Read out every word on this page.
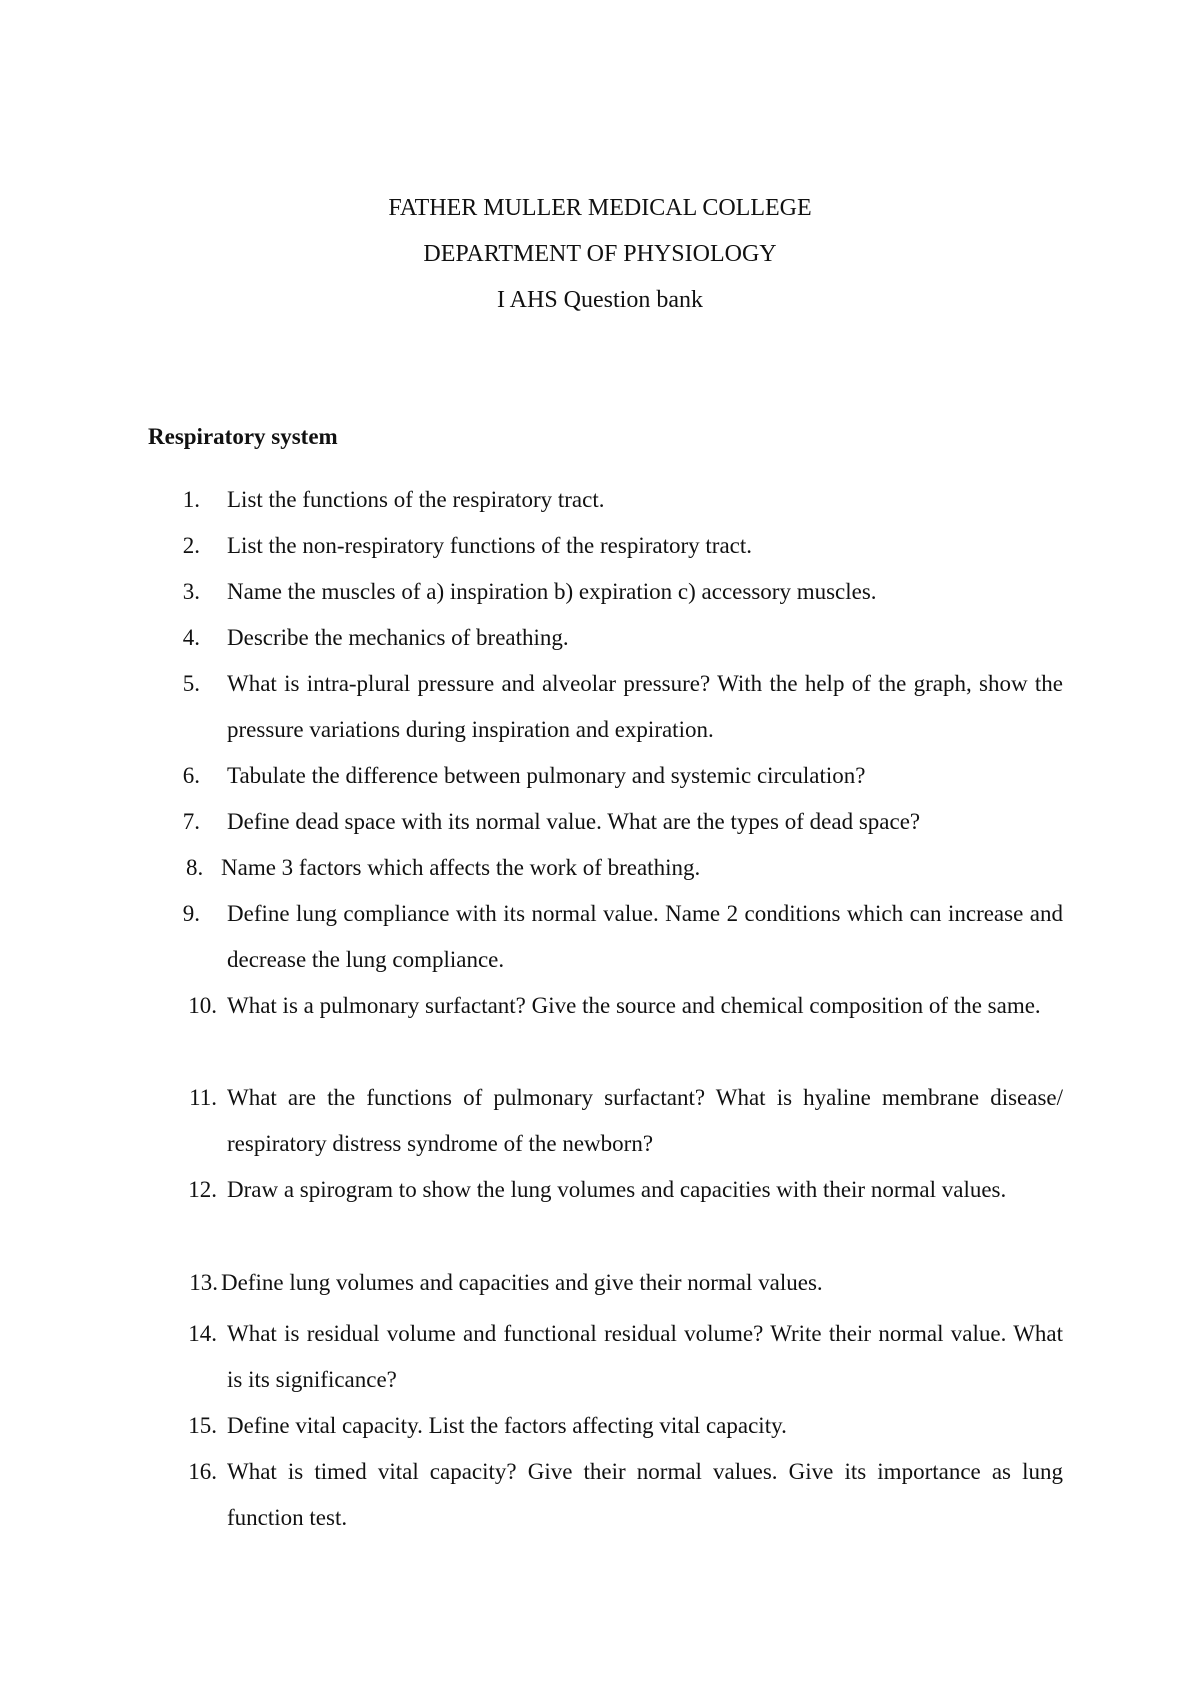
FATHER MULLER MEDICAL COLLEGE
DEPARTMENT OF PHYSIOLOGY
I AHS Question bank
Respiratory system
1. List the functions of the respiratory tract.
2. List the non-respiratory functions of the respiratory tract.
3. Name the muscles of a) inspiration b) expiration c) accessory muscles.
4. Describe the mechanics of breathing.
5. What is intra-plural pressure and alveolar pressure? With the help of the graph, show the pressure variations during inspiration and expiration.
6. Tabulate the difference between pulmonary and systemic circulation?
7. Define dead space with its normal value. What are the types of dead space?
8. Name 3 factors which affects the work of breathing.
9. Define lung compliance with its normal value. Name 2 conditions which can increase and decrease the lung compliance.
10. What is a pulmonary surfactant? Give the source and chemical composition of the same.
11. What are the functions of pulmonary surfactant? What is hyaline membrane disease/ respiratory distress syndrome of the newborn?
12. Draw a spirogram to show the lung volumes and capacities with their normal values.
13. Define lung volumes and capacities and give their normal values.
14. What is residual volume and functional residual volume? Write their normal value. What is its significance?
15. Define vital capacity. List the factors affecting vital capacity.
16. What is timed vital capacity? Give their normal values. Give its importance as lung function test.
